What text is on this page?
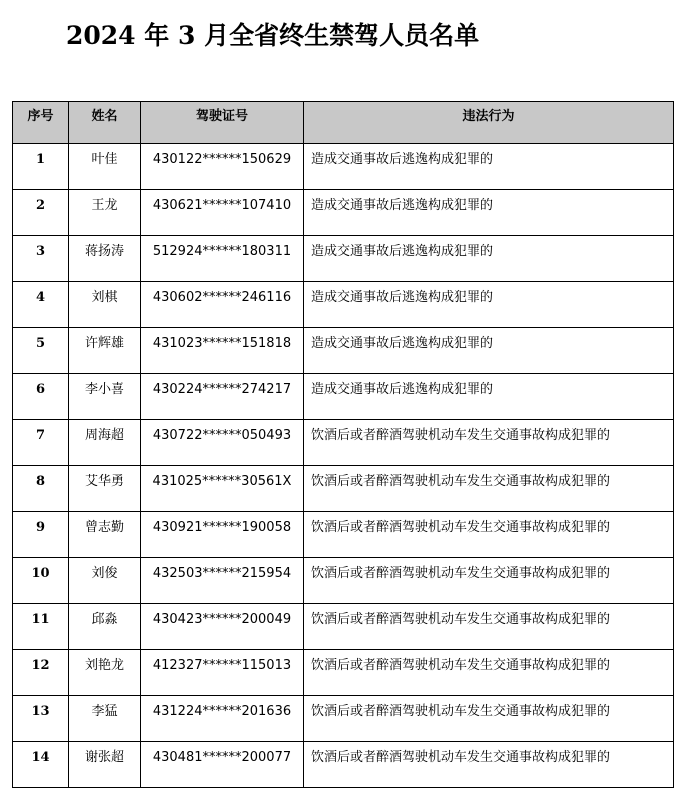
2024 年 3 月全省终生禁驾人员名单
序号	姓名	驾驶证号	违法行为
1	叶佳	430122******150629	造成交通事故后逃逸构成犯罪的
2	王龙	430621******107410	造成交通事故后逃逸构成犯罪的
3	蒋扬涛	512924******180311	造成交通事故后逃逸构成犯罪的
4	刘棋	430602******246116	造成交通事故后逃逸构成犯罪的
5	许辉雄	431023******151818	造成交通事故后逃逸构成犯罪的
6	李小喜	430224******274217	造成交通事故后逃逸构成犯罪的
7	周海超	430722******050493	饮酒后或者醉酒驾驶机动车发生交通事故构成犯罪的
8	艾华勇	431025******30561X	饮酒后或者醉酒驾驶机动车发生交通事故构成犯罪的
9	曾志勤	430921******190058	饮酒后或者醉酒驾驶机动车发生交通事故构成犯罪的
10	刘俊	432503******215954	饮酒后或者醉酒驾驶机动车发生交通事故构成犯罪的
11	邱淼	430423******200049	饮酒后或者醉酒驾驶机动车发生交通事故构成犯罪的
12	刘艳龙	412327******115013	饮酒后或者醉酒驾驶机动车发生交通事故构成犯罪的
13	李猛	431224******201636	饮酒后或者醉酒驾驶机动车发生交通事故构成犯罪的
14	谢张超	430481******200077	饮酒后或者醉酒驾驶机动车发生交通事故构成犯罪的
